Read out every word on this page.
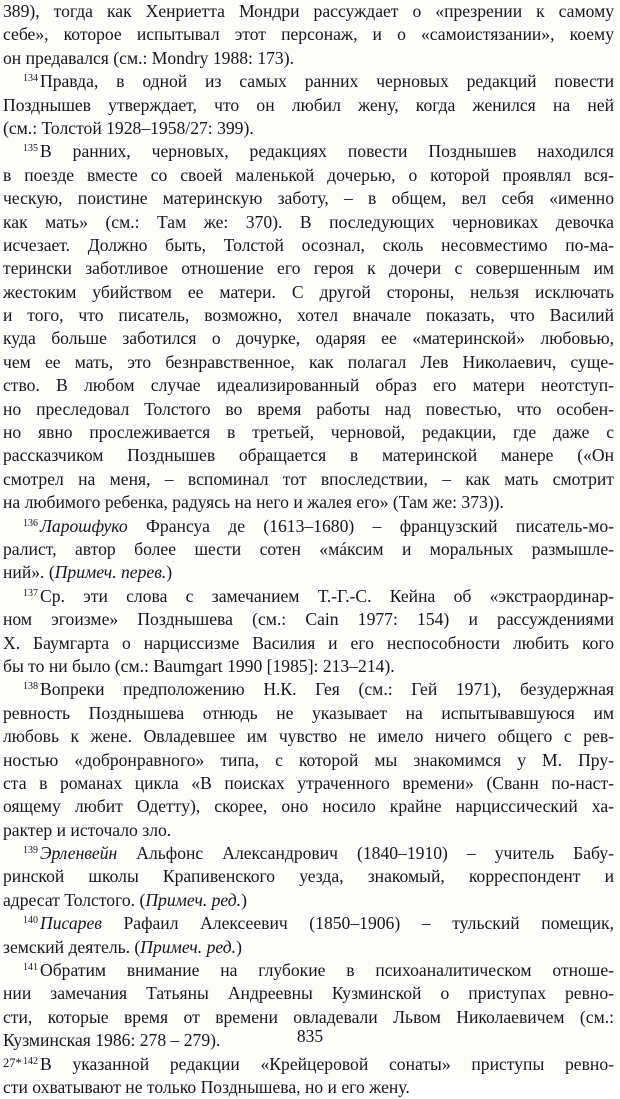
389), тогда как Хенриетта Мондри рассуждает о «презрении к самому
себе», которое испытывал этот персонаж, и о «самоистязании», коему
он предавался (см.: Mondry 1988: 173).
$^{134}$ Правда, в одной из самых ранних черновых редакций повести
Позднышев утверждает, что он любил жену, когда женился на ней
(см.: Толстой 1928–1958/27: 399).
$^{135}$ В ранних, черновых, редакциях повести Позднышев находился
в поезде вместе со своей маленькой дочерью, о которой проявлял вся-
ческую, поистине материнскую заботу, – в общем, вел себя «именно
как мать» (см.: Там же: 370). В последующих черновиках девочка
исчезает. Должно быть, Толстой осознал, сколь несовместимо по-ма-
терински заботливое отношение его героя к дочери с совершенным им
жестоким убийством ее матери. С другой стороны, нельзя исключать
и того, что писатель, возможно, хотел вначале показать, что Василий
куда больше заботился о дочурке, одаряя ее «материнской» любовью,
чем ее мать, это безнравственное, как полагал Лев Николаевич, суще-
ство. В любом случае идеализированный образ его матери неотступ-
но преследовал Толстого во время работы над повестью, что особен-
но явно прослеживается в третьей, черновой, редакции, где даже с
рассказчиком Позднышев обращается в материнской манере («Он
смотрел на меня, – вспоминал тот впоследствии, – как мать смотрит
на любимого ребенка, радуясь на него и жалея его» (Там же: 373)).
$^{136}$ Ларошфуко Франсуа де (1613–1680) – французский писатель-мо-
ралист, автор более шести сотен «мáксим и моральных размышле-
ний». (Примеч. перев.)
$^{137}$ Ср. эти слова с замечанием Т.-Г.-С. Кейна об «экстраординар-
ном эгоизме» Позднышева (см.: Cain 1977: 154) и рассуждениями
Х. Баумгарта о нарциссизме Василия и его неспособности любить кого
бы то ни было (см.: Baumgart 1990 [1985]: 213–214).
$^{138}$ Вопреки предположению Н.К. Гея (см.: Гей 1971), безудержная
ревность Позднышева отнюдь не указывает на испытывавшуюся им
любовь к жене. Овладевшее им чувство не имело ничего общего с рев-
ностью «добронравного» типа, с которой мы знакомимся у М. Пру-
ста в романах цикла «В поисках утраченного времени» (Сванн по-наст-
оящему любит Одетту), скорее, оно носило крайне нарциссический ха-
рактер и источало зло.
$^{139}$ Эрленвейн Альфонс Александрович (1840–1910) – учитель Бабу-
ринской школы Крапивенского уезда, знакомый, корреспондент и
адресат Толстого. (Примеч. ред.)
$^{140}$ Писарев Рафаил Алексеевич (1850–1906) – тульский помещик,
земский деятель. (Примеч. ред.)
$^{141}$ Обратим внимание на глубокие в психоаналитическом отноше-
нии замечания Татьяны Андреевны Кузминской о приступах ревно-
сти, которые время от времени овладевали Львом Николаевичем (см.:
Кузминская 1986: 278 – 279).
$^{142}$ В указанной редакции «Крейцеровой сонаты» приступы ревно-
сти охватывают не только Позднышева, но и его жену.
835
27*
